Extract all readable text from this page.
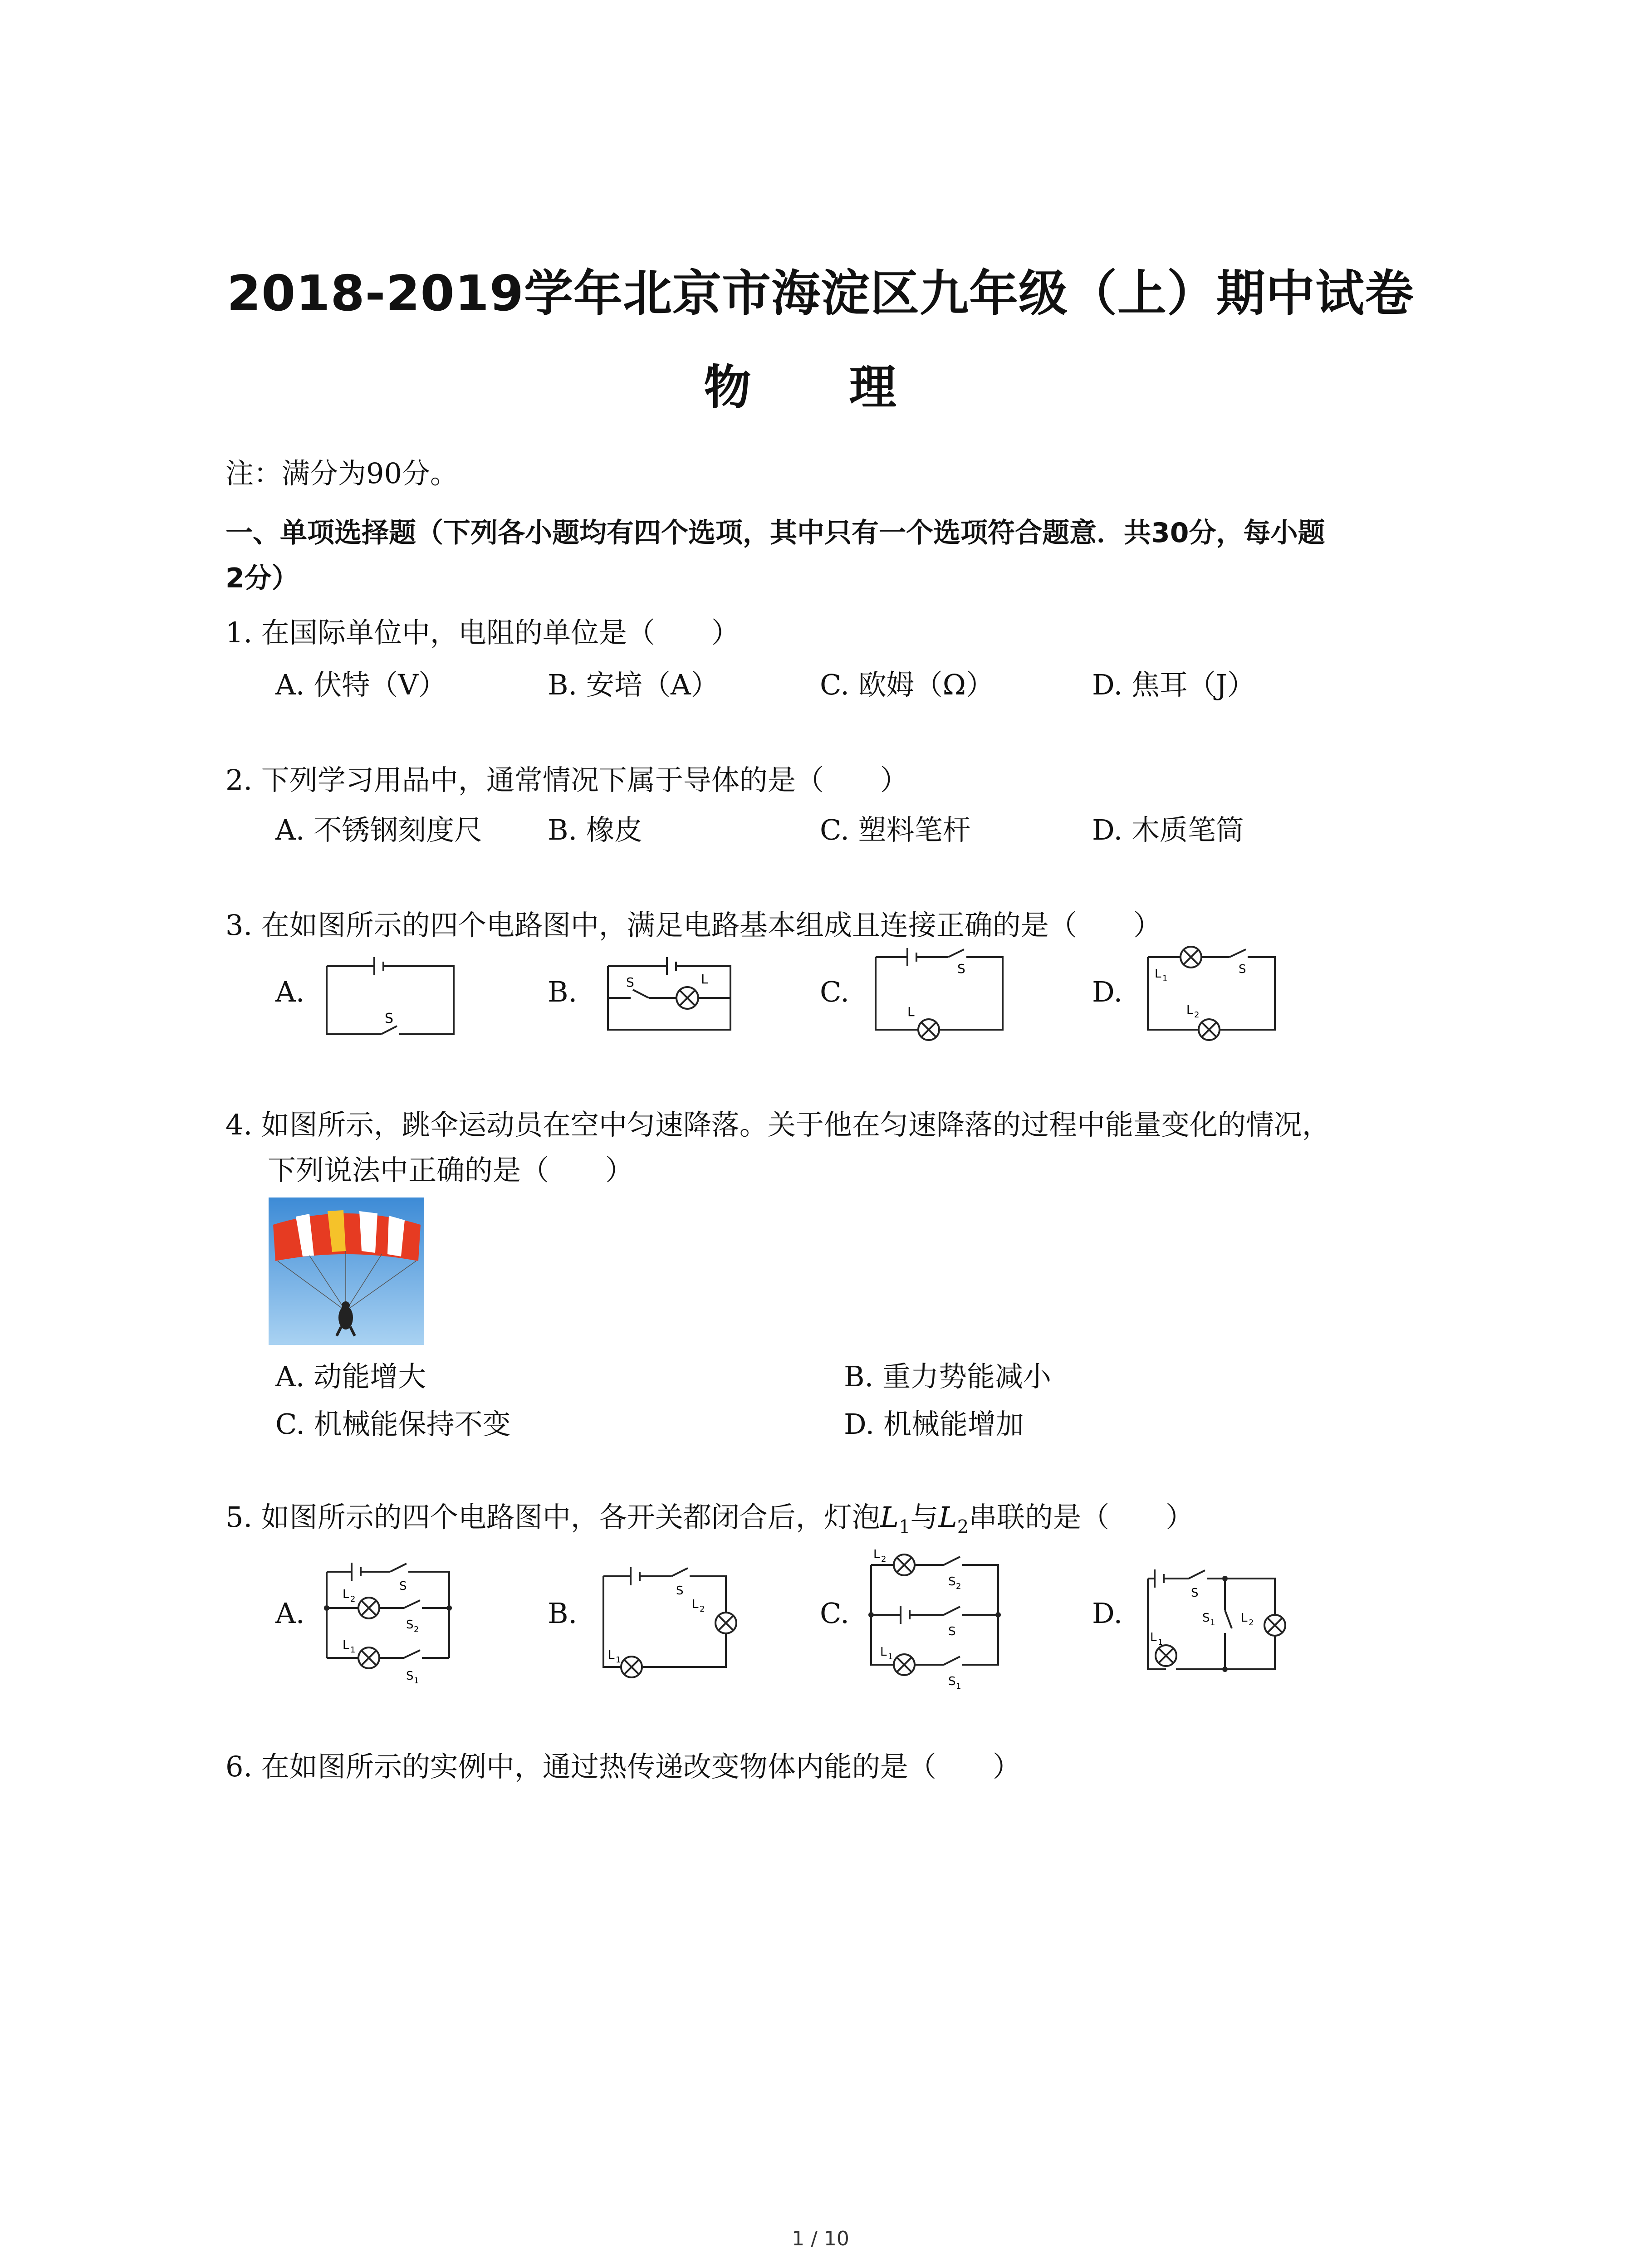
2018-2019学年北京市海淀区九年级（上）期中试卷
物 理
注：满分为90分。
一、单项选择题（下列各小题均有四个选项，其中只有一个选项符合题意．共30分，每小题
2分）
1. 在国际单位中，电阻的单位是（　　）
A. 伏特（V）	B. 安培（A）	C. 欧姆（Ω）	D. 焦耳（J）
2. 下列学习用品中，通常情况下属于导体的是（　　）
A. 不锈钢刻度尺 B. 橡皮	C. 塑料笔杆	D. 木质笔筒
3. 在如图所示的四个电路图中，满足电路基本组成且连接正确的是（　　）
A.	B.	C.	D.
S
S	L
S
L
L 1
S
L 2
4. 如图所示，跳伞运动员在空中匀速降落。关于他在匀速降落的过程中能量变化的情况，
下列说法中正确的是（　　）
A. 动能增大	B. 重力势能减小
C. 机械能保持不变	D. 机械能增加
5. 如图所示的四个电路图中，各开关都闭合后，灯泡$L_1$与$L_2$串联的是（　　）
A.	B.	C.	D.
S
L 2
S 2
L 1
S 1
S
L 2
L 1
L 2
S 2
S
L 1
S 1
S
S 1 L 2
L 1
6. 在如图所示的实例中，通过热传递改变物体内能的是（　　）
1 / 10
